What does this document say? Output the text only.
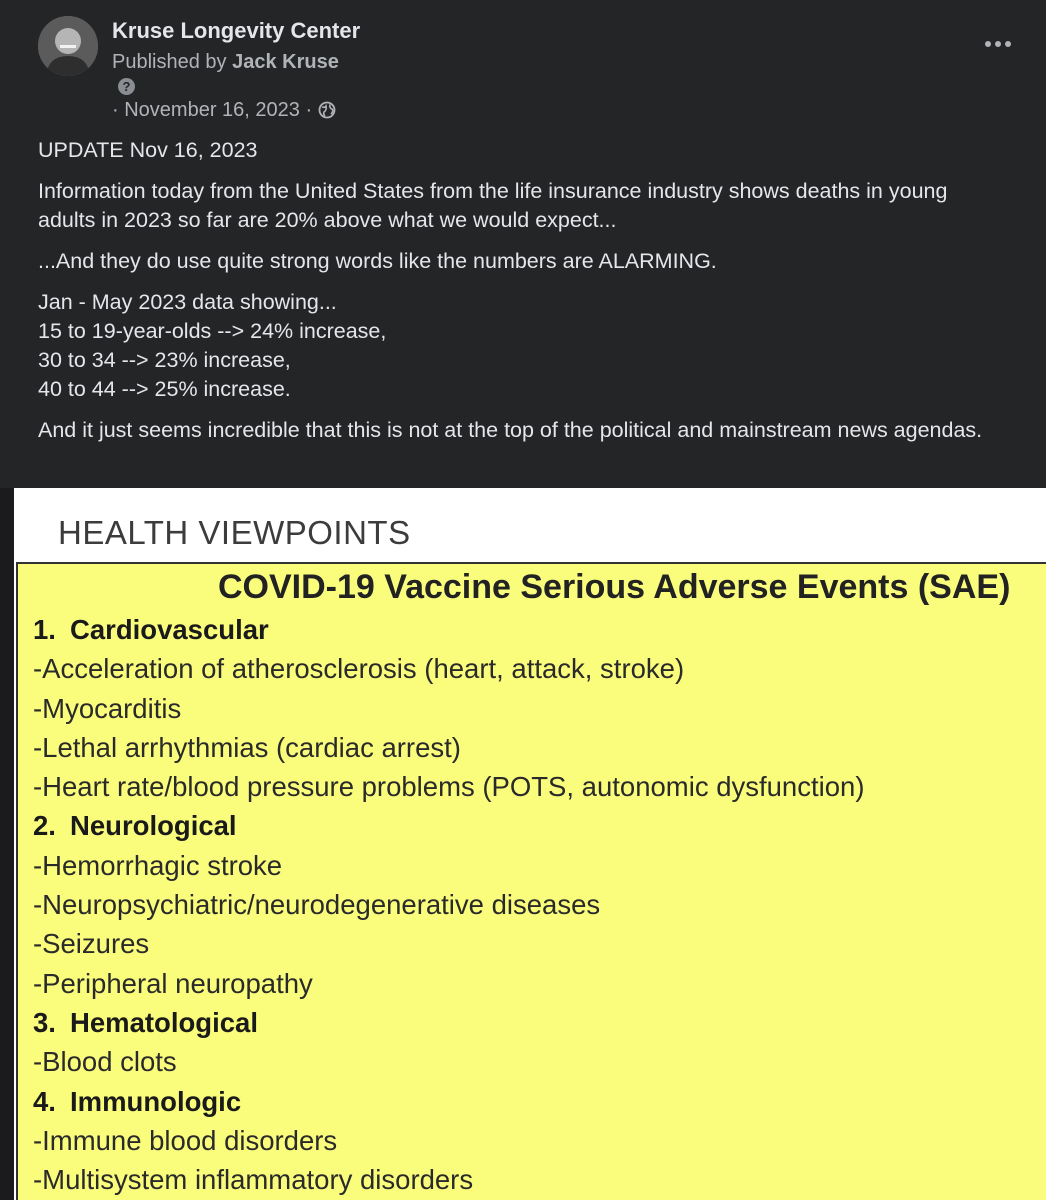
Kruse Longevity Center
Published by Jack Kruse
?
· November 16, 2023 ·

UPDATE Nov 16, 2023

Information today from the United States from the life insurance industry shows deaths in young adults in 2023 so far are 20% above what we would expect...

...And they do use quite strong words like the numbers are ALARMING.

Jan - May 2023 data showing...
15 to 19-year-olds --> 24% increase,
30 to 34 --> 23% increase,
40 to 44 --> 25% increase.

And it just seems incredible that this is not at the top of the political and mainstream news agendas.

HEALTH VIEWPOINTS
COVID-19 Vaccine Serious Adverse Events (SAE)
1. Cardiovascular
-Acceleration of atherosclerosis (heart, attack, stroke)
-Myocarditis
-Lethal arrhythmias (cardiac arrest)
-Heart rate/blood pressure problems (POTS, autonomic dysfunction)
2. Neurological
-Hemorrhagic stroke
-Neuropsychiatric/neurodegenerative diseases
-Seizures
-Peripheral neuropathy
3. Hematological
-Blood clots
4. Immunologic
-Immune blood disorders
-Multisystem inflammatory disorders
